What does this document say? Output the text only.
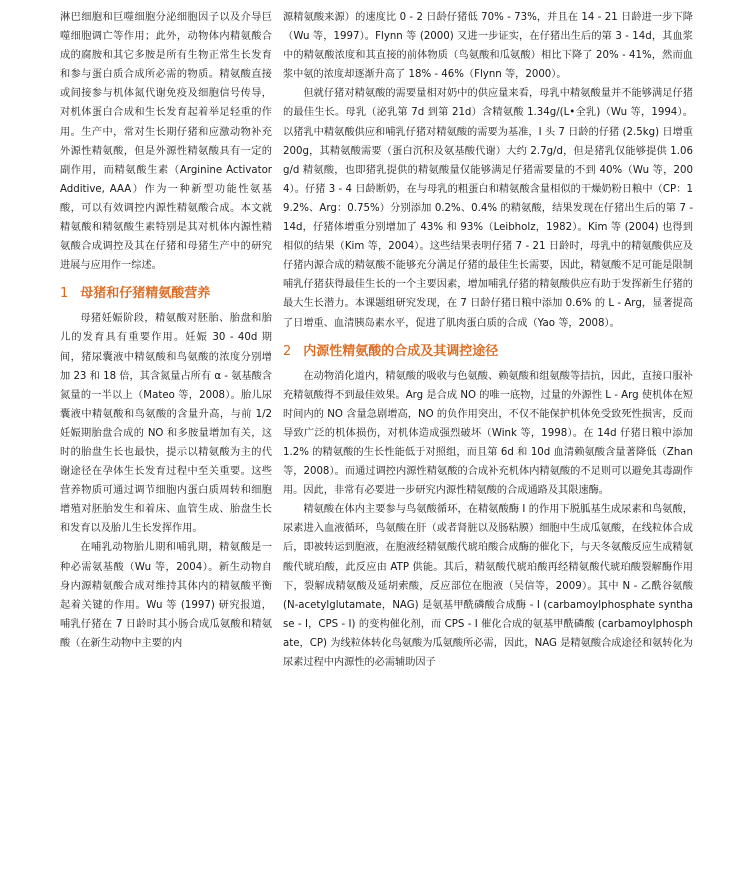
淋巴细胞和巨噬细胞分泌细胞因子以及介导巨噬细胞调亡等作用；此外，动物体内精氨酸合成的腐胺和其它多胺是所有生物正常生长发育和参与蛋白质合成所必需的物质。精氨酸直接或间接参与机体氮代谢免疫及细胞信号传导，对机体蛋白合成和生长发育起着举足轻重的作用。生产中，常对生长期仔猪和应激动物补充外源性精氨酸，但是外源性精氨酸具有一定的副作用，而精氨酸生素（Arginine Activator Additive, AAA）作为一种新型功能性氨基酸，可以有效调控内源性精氨酸合成。本文就精氨酸和精氨酸生素特别是其对机体内源性精氨酸合成调控及其在仔猪和母猪生产中的研究进展与应用作一综述。

1 母猪和仔猪精氨酸营养

母猪妊娠阶段，精氨酸对胚胎、胎盘和胎儿的发育具有重要作用。妊娠 30 - 40d 期间，猪尿囊液中精氨酸和鸟氨酸的浓度分别增加 23 和 18 倍，其含氮量占所有 α - 氨基酸含氮量的一半以上（Mateo 等，2008）。胎儿尿囊液中精氨酸和鸟氨酸的含量升高，与前 1/2 妊娠期胎盘合成的 NO 和多胺量增加有关，这时的胎盘生长也最快，提示以精氨酸为主的代谢途径在孕体生长发育过程中至关重要。这些营养物质可通过调节细胞内蛋白质周转和细胞增殖对胚胎发生和着床、血管生成、胎盘生长和发育以及胎儿生长发挥作用。

在哺乳动物胎儿期和哺乳期，精氨酸是一种必需氨基酸（Wu 等，2004）。新生动物自身内源精氨酸合成对维持其体内的精氨酸平衡起着关键的作用。Wu 等 (1997) 研究报道，哺乳仔猪在 7 日龄时其小肠合成瓜氨酸和精氨酸（在新生动物中主要的内

源精氨酸来源）的速度比 0 - 2 日龄仔猪低 70% - 73%，并且在 14 - 21 日龄进一步下降（Wu 等，1997）。Flynn 等 (2000) 又进一步证实，在仔猪出生后的第 3 - 14d，其血浆中的精氨酸浓度和其直接的前体物质（鸟氨酸和瓜氨酸）相比下降了 20% - 41%，然而血浆中氨的浓度却逐渐升高了 18% - 46%（Flynn 等，2000）。

但就仔猪对精氨酸的需要量相对奶中的供应量来看，母乳中精氨酸量并不能够满足仔猪的最佳生长。母乳（泌乳第 7d 到第 21d）含精氨酸 1.34g/(L•全乳)（Wu 等，1994）。以猪乳中精氨酸供应和哺乳仔猪对精氨酸的需要为基准，I 头 7 日龄的仔猪 (2.5kg) 日增重 200g，其精氨酸需要（蛋白沉积及氨基酸代谢）大约 2.7g/d，但是猪乳仅能够提供 1.06g/d 精氨酸，也即猪乳提供的精氨酸量仅能够满足仔猪需要量的不到 40%（Wu 等，2004）。仔猪 3 - 4 日龄断奶，在与母乳的粗蛋白和精氨酸含量相似的干燥奶粉日粮中（CP：19.2%、Arg：0.75%）分别添加 0.2%、0.4% 的精氨酸，结果发现在仔猪出生后的第 7 - 14d，仔猪体增重分别增加了 43% 和 93%（Leibholz，1982）。Kim 等 (2004) 也得到相似的结果（Kim 等，2004）。这些结果表明仔猪 7 - 21 日龄时，母乳中的精氨酸供应及仔猪内源合成的精氨酸不能够充分满足仔猪的最佳生长需要，因此，精氨酸不足可能是限制哺乳仔猪获得最佳生长的一个主要因素，增加哺乳仔猪的精氨酸供应有助于发挥新生仔猪的最大生长潜力。本课题组研究发现，在 7 日龄仔猪日粮中添加 0.6% 的 L - Arg，显著提高了日增重、血清胰岛素水平，促进了肌肉蛋白质的合成（Yao 等，2008）。

2 内源性精氨酸的合成及其调控途径

在动物消化道内，精氨酸的吸收与色氨酸、赖氨酸和组氨酸等拮抗，因此，直接口服补充精氨酸得不到最佳效果。Arg 是合成 NO 的唯一底物，过量的外源性 L - Arg 使机体在短时间内的 NO 含量急剧增高，NO 的负作用突出，不仅不能保护机体免受致死性损害，反而导致广泛的机体损伤，对机体造成强烈破坏（Wink 等，1998）。在 14d 仔猪日粮中添加 1.2% 的精氨酸的生长性能低于对照组，而且第 6d 和 10d 血清赖氨酸含量著降低（Zhan 等，2008）。而通过调控内源性精氨酸的合成补充机体内精氨酸的不足则可以避免其毒副作用。因此，非常有必要进一步研究内源性精氨酸的合成通路及其限速酶。

精氨酸在体内主要参与鸟氨酸循环，在精氨酸酶 I 的作用下脱胍基生成尿素和鸟氨酸，尿素进入血液循环，鸟氨酸在肝（或者肾脏以及肠粘膜）细胞中生成瓜氨酸，在线粒体合成后，即被转运到胞液，在胞液经精氨酸代琥珀酸合成酶的催化下，与天冬氨酸反应生成精氨酸代琥珀酸，此反应由 ATP 供能。其后，精氨酸代琥珀酸再经精氨酸代琥珀酸裂解酶作用下，裂解成精氨酸及延胡索酸，反应部位在胞液（吴信等，2009）。其中 N - 乙酰谷氨酸 (N-acetylglutamate，NAG) 是氨基甲酰磷酸合成酶 - I (carbamoylphosphate synthase - I，CPS - I) 的变构催化剂，而 CPS - I 催化合成的氨基甲酰磷酸 (carbamoylphosphate，CP) 为线粒体转化鸟氨酸为瓜氨酸所必需，因此，NAG 是精氨酸合成途径和氨转化为尿素过程中内源性的必需辅助因子
